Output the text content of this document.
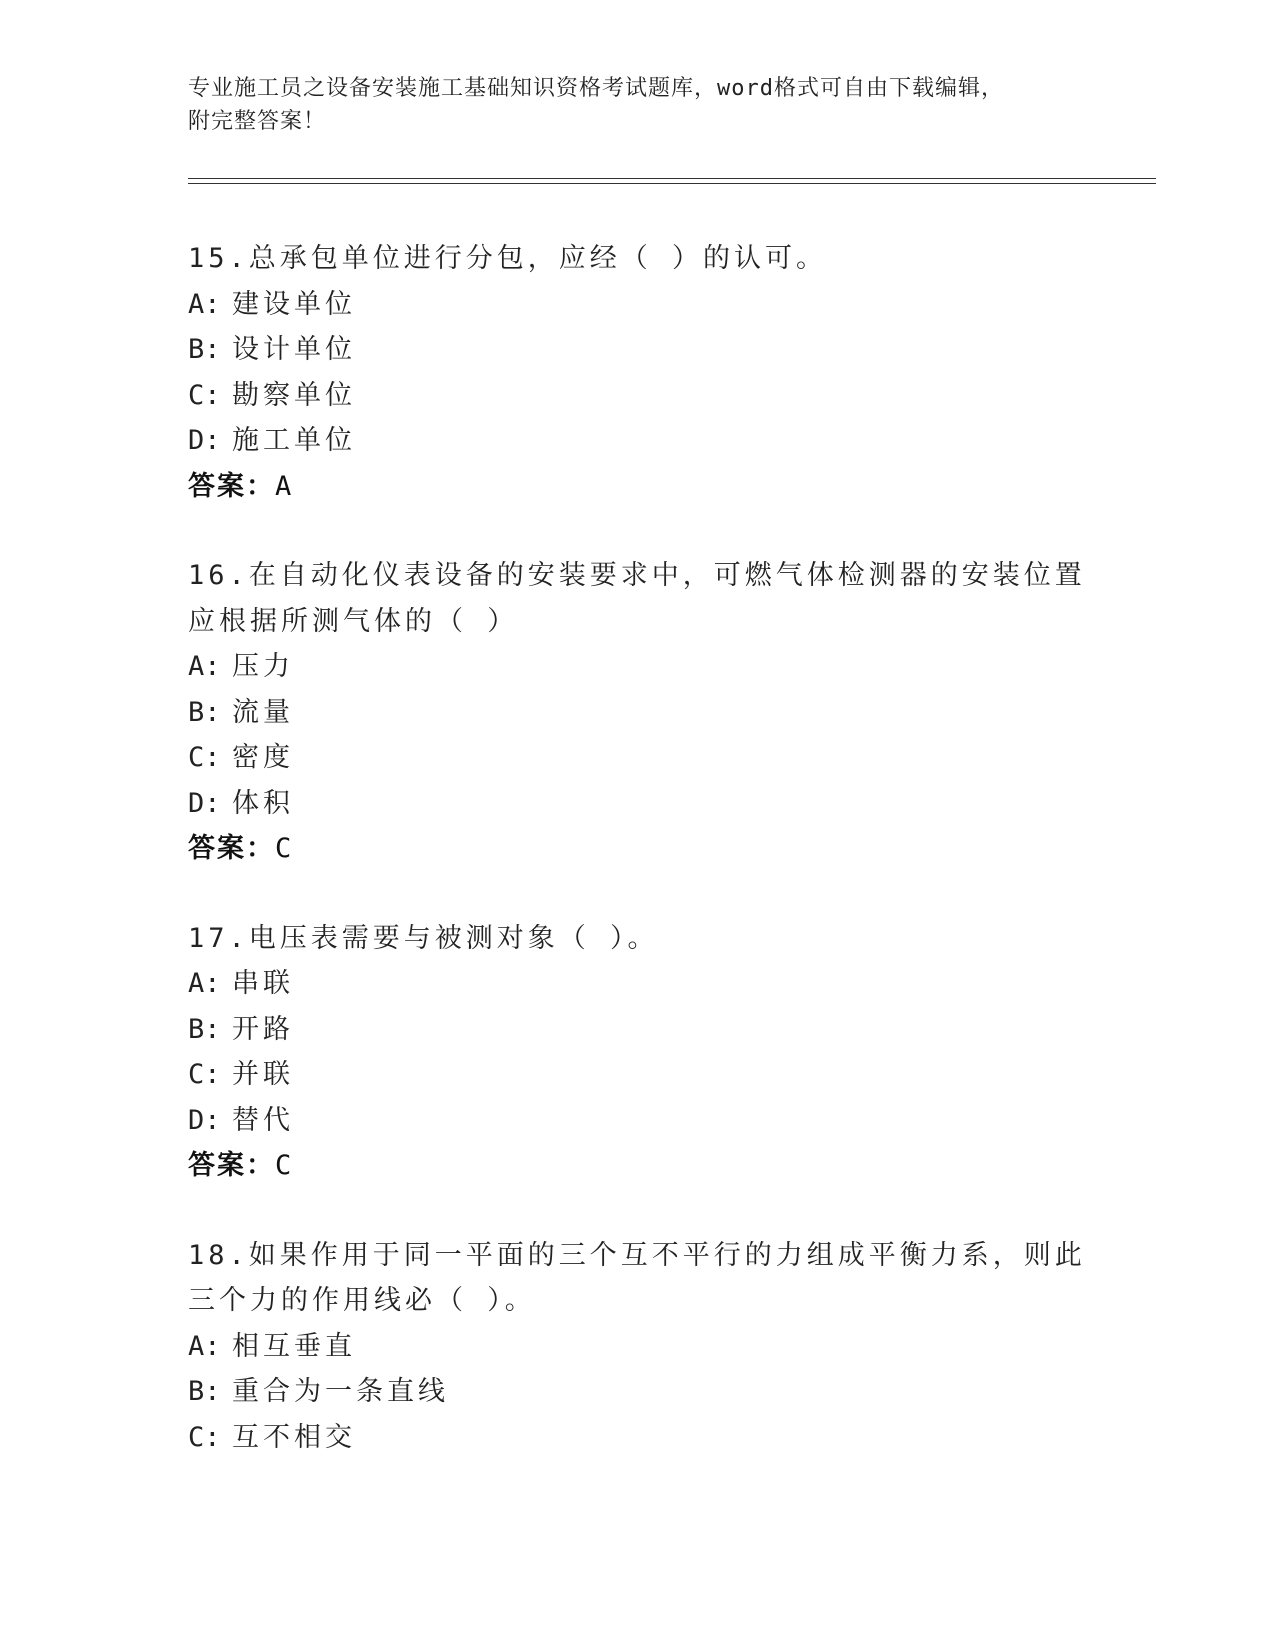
专业施工员之设备安装施工基础知识资格考试题库，word格式可自由下载编辑，
附完整答案！
15.总承包单位进行分包，应经（ ）的认可。
A: 建设单位
B: 设计单位
C: 勘察单位
D: 施工单位
答案：A
16.在自动化仪表设备的安装要求中，可燃气体检测器的安装位置应根据所测气体的（ ）
A: 压力
B: 流量
C: 密度
D: 体积
答案：C
17.电压表需要与被测对象（ ）。
A: 串联
B: 开路
C: 并联
D: 替代
答案：C
18.如果作用于同一平面的三个互不平行的力组成平衡力系，则此三个力的作用线必（ ）。
A: 相互垂直
B: 重合为一条直线
C: 互不相交
